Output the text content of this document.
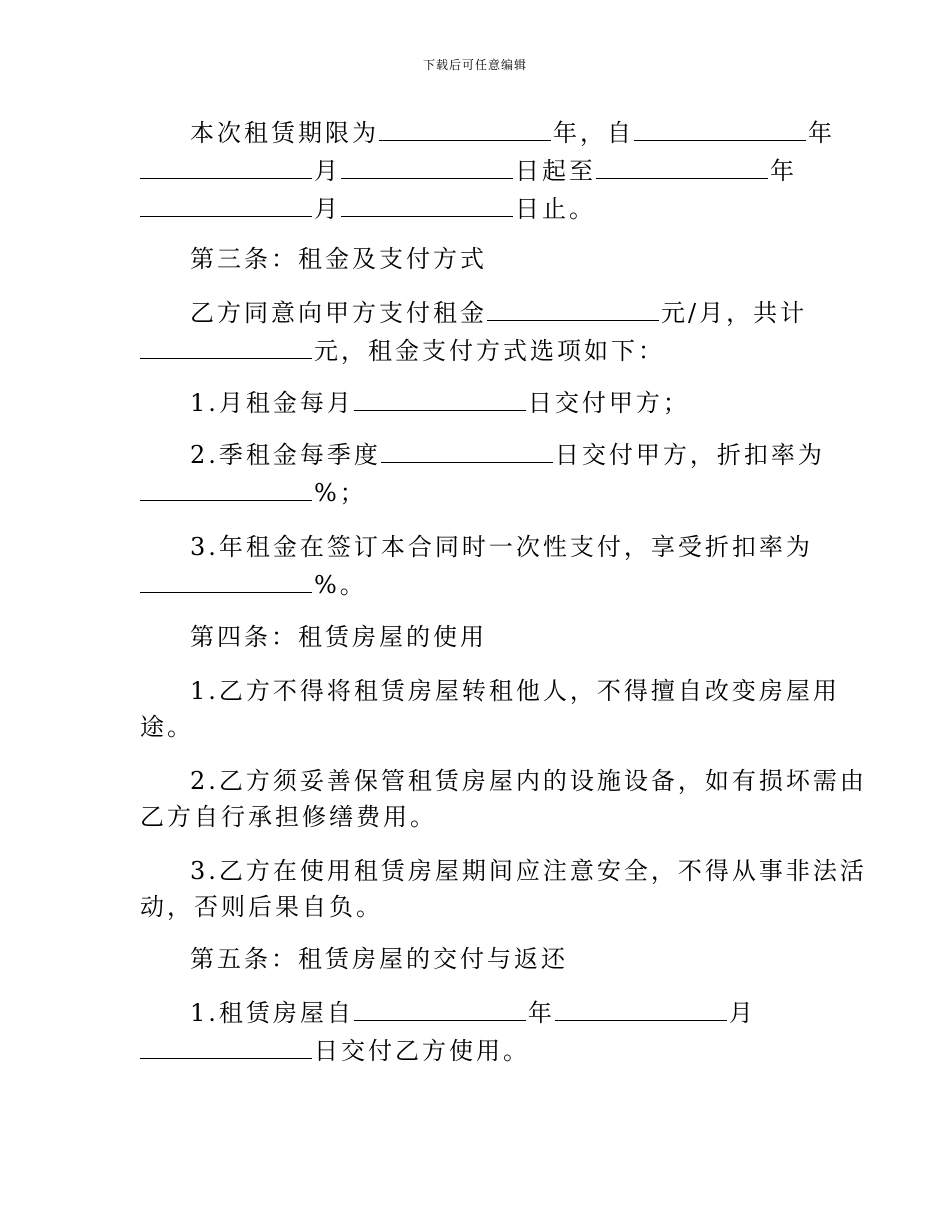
下载后可任意编辑
本次租赁期限为	年，自	年
月	日起至	年
月	日止。
第三条：租金及支付方式
乙方同意向甲方支付租金	元/月，共计
元，租金支付方式选项如下：
1.月租金每月	日交付甲方；
2.季租金每季度	日交付甲方，折扣率为
%；
3.年租金在签订本合同时一次性支付，享受折扣率为
%。
第四条：租赁房屋的使用
1.乙方不得将租赁房屋转租他人，不得擅自改变房屋用
途。
2.乙方须妥善保管租赁房屋内的设施设备，如有损坏需由
乙方自行承担修缮费用。
3.乙方在使用租赁房屋期间应注意安全，不得从事非法活
动，否则后果自负。
第五条：租赁房屋的交付与返还
1.租赁房屋自	年	月
日交付乙方使用。
